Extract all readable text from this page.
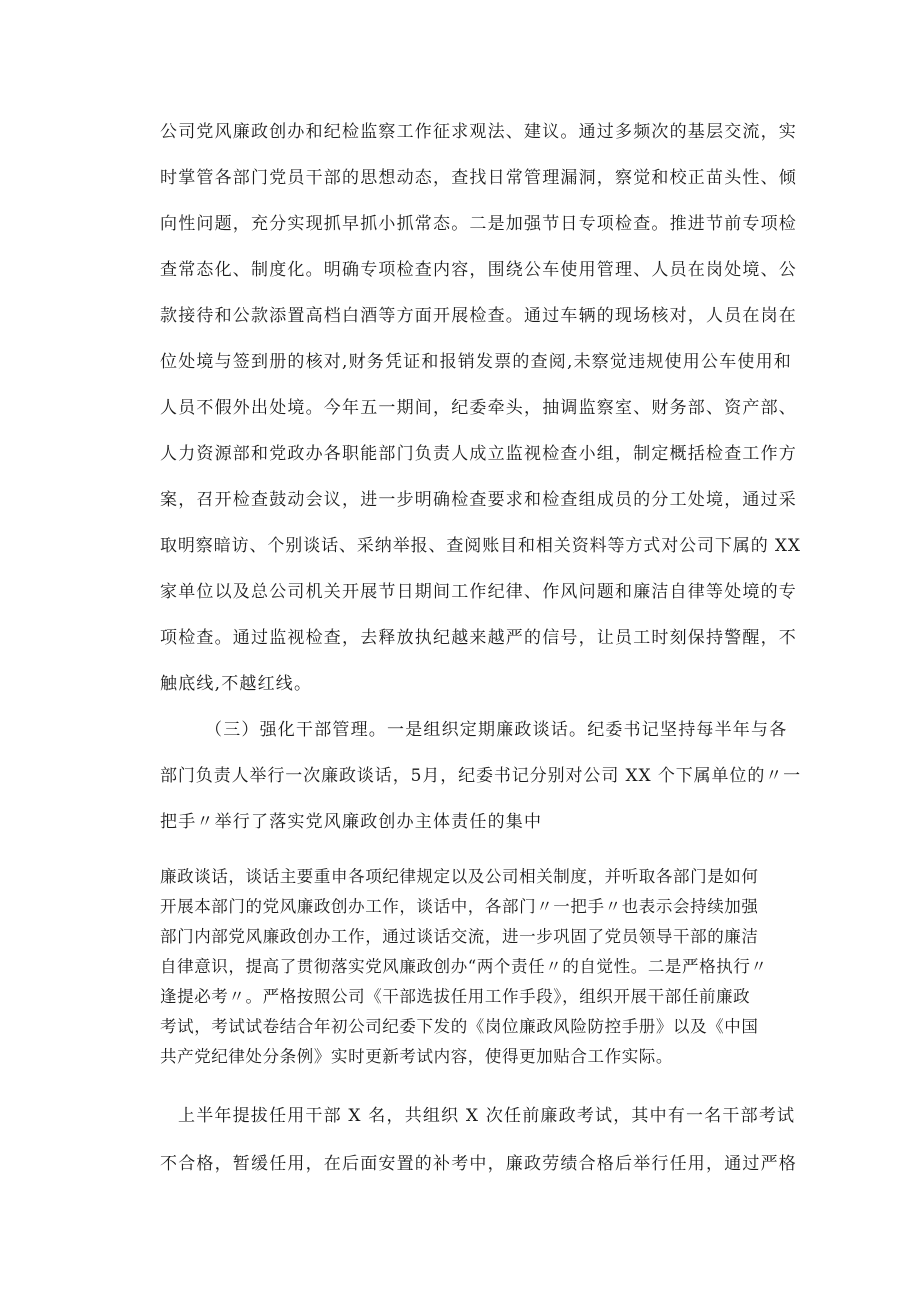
公司党风廉政创办和纪检监察工作征求观法、建议。通过多频次的基层交流，实
时掌管各部门党员干部的思想动态，查找日常管理漏洞，察觉和校正苗头性、倾
向性问题，充分实现抓早抓小抓常态。二是加强节日专项检查。推进节前专项检
查常态化、制度化。明确专项检查内容，围绕公车使用管理、人员在岗处境、公
款接待和公款添置高档白酒等方面开展检查。通过车辆的现场核对，人员在岗在
位处境与签到册的核对,财务凭证和报销发票的查阅,未察觉违规使用公车使用和
人员不假外出处境。今年五一期间，纪委牵头，抽调监察室、财务部、资产部、
人力资源部和党政办各职能部门负责人成立监视检查小组，制定概括检查工作方
案，召开检查鼓动会议，进一步明确检查要求和检查组成员的分工处境，通过采
取明察暗访、个别谈话、采纳举报、查阅账目和相关资料等方式对公司下属的 XX
家单位以及总公司机关开展节日期间工作纪律、作风问题和廉洁自律等处境的专
项检查。通过监视检查，去释放执纪越来越严的信号，让员工时刻保持警醒，不
触底线,不越红线。
（三）强化干部管理。一是组织定期廉政谈话。纪委书记坚持每半年与各
部门负责人举行一次廉政谈话，5月，纪委书记分别对公司 XX 个下属单位的〃一
把手〃举行了落实党风廉政创办主体责任的集中
廉政谈话，谈话主要重申各项纪律规定以及公司相关制度，并听取各部门是如何
开展本部门的党风廉政创办工作，谈话中，各部门〃一把手〃也表示会持续加强
部门内部党风廉政创办工作，通过谈话交流，进一步巩固了党员领导干部的廉洁
自律意识，提高了贯彻落实党风廉政创办“两个责任〃的自觉性。二是严格执行〃
逢提必考〃。严格按照公司《干部选拔任用工作手段》，组织开展干部任前廉政
考试，考试试卷结合年初公司纪委下发的《岗位廉政风险防控手册》以及《中国
共产党纪律处分条例》实时更新考试内容，使得更加贴合工作实际。
上半年提拔任用干部 X 名，共组织 X 次任前廉政考试，其中有一名干部考试
不合格，暂缓任用，在后面安置的补考中，廉政劳绩合格后举行任用，通过严格
